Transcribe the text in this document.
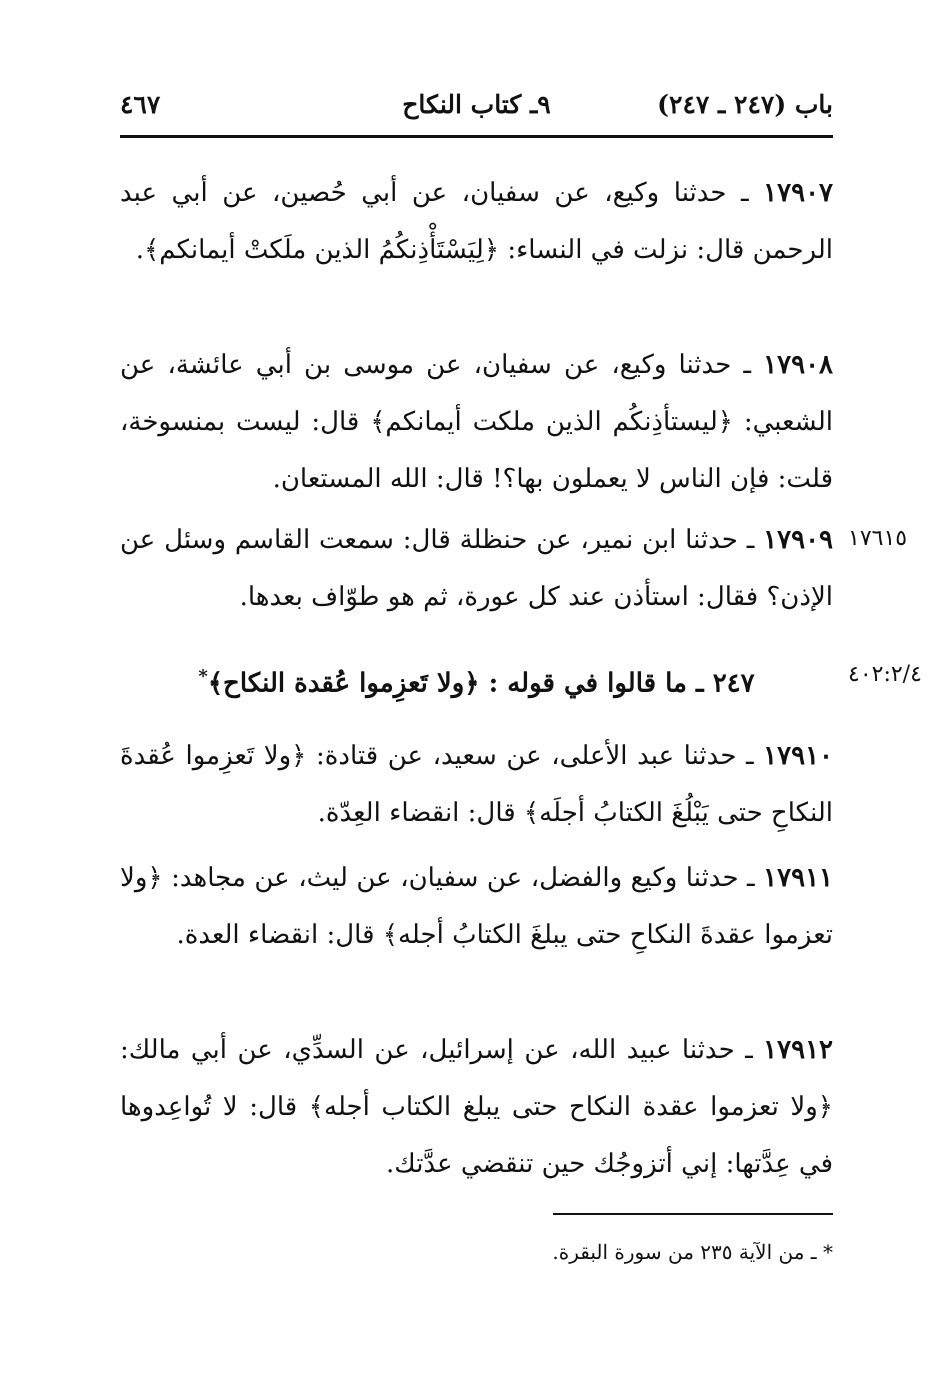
باب (٢٤٧ ـ ٢٤٧)
٩ـ كتاب النكاح
٤٦٧
١٧٩٠٧ ـ حدثنا وكيع، عن سفيان، عن أبي حُصين، عن أبي عبد الرحمن قال: نزلت في النساء: ﴿لِيَسْتَأْذِنكُمُ الذين ملَكتْ أيمانكم﴾.
١٧٩٠٨ ـ حدثنا وكيع، عن سفيان، عن موسى بن أبي عائشة، عن الشعبي: ﴿ليستأذِنكُم الذين ملكت أيمانكم﴾ قال: ليست بمنسوخة، قلت: فإن الناس لا يعملون بها؟! قال: الله المستعان.
١٧٩٠٩ ـ حدثنا ابن نمير، عن حنظلة قال: سمعت القاسم وسئل عن الإذن؟ فقال: استأذن عند كل عورة، ثم هو طوّاف بعدها.
١٧٦١٥
٢٤٧ ـ ما قالوا في قوله : ﴿ولا تَعزِموا عُقدة النكاح﴾*	٤٠٢:٢/٤
١٧٩١٠ ـ حدثنا عبد الأعلى، عن سعيد، عن قتادة: ﴿ولا تَعزِموا عُقدةَ النكاحِ حتى يَبْلُغَ الكتابُ أجلَه﴾ قال: انقضاء العِدّة.
١٧٩١١ ـ حدثنا وكيع والفضل، عن سفيان، عن ليث، عن مجاهد: ﴿ولا تعزموا عقدةَ النكاحِ حتى يبلغَ الكتابُ أجله﴾ قال: انقضاء العدة.
١٧٩١٢ ـ حدثنا عبيد الله، عن إسرائيل، عن السدِّي، عن أبي مالك: ﴿ولا تعزموا عقدة النكاح حتى يبلغ الكتاب أجله﴾ قال: لا تُواعِدوها في عِدَّتها: إني أتزوجُك حين تنقضي عدَّتك.
* ـ من الآية ٢٣٥ من سورة البقرة.
